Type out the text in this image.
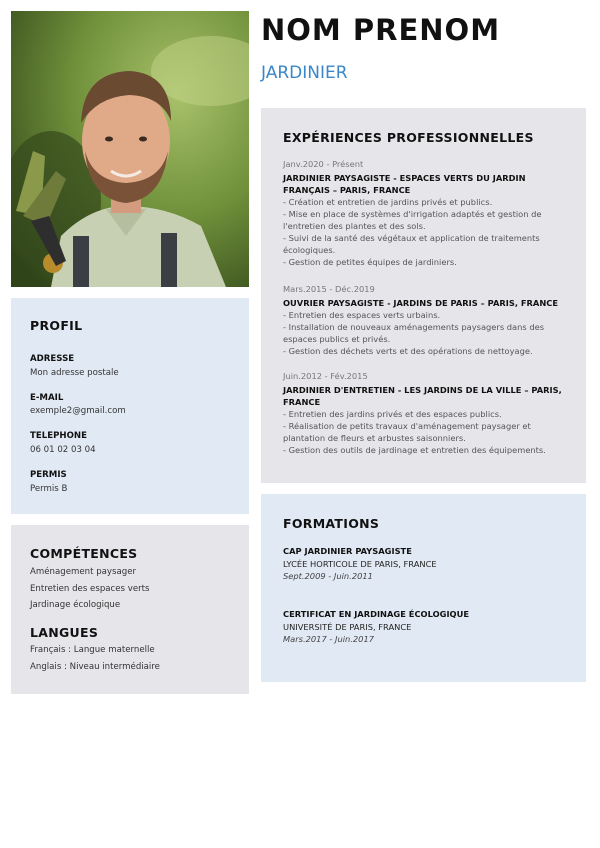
NOM PRENOM
JARDINIER
PROFIL
ADRESSE
Mon adresse postale
E-MAIL
exemple2@gmail.com
TELEPHONE
06 01 02 03 04
PERMIS
Permis B
COMPÉTENCES
Aménagement paysager
Entretien des espaces verts
Jardinage écologique
LANGUES
Français : Langue maternelle
Anglais : Niveau intermédiaire
EXPÉRIENCES PROFESSIONNELLES
Janv.2020 - Présent
JARDINIER PAYSAGISTE - ESPACES VERTS DU JARDIN
FRANÇAIS – PARIS, FRANCE
- Création et entretien de jardins privés et publics.
- Mise en place de systèmes d'irrigation adaptés et gestion de
l'entretien des plantes et des sols.
- Suivi de la santé des végétaux et application de traitements
écologiques.
- Gestion de petites équipes de jardiniers.
Mars.2015 - Déc.2019
OUVRIER PAYSAGISTE - JARDINS DE PARIS – PARIS, FRANCE
- Entretien des espaces verts urbains.
- Installation de nouveaux aménagements paysagers dans des
espaces publics et privés.
- Gestion des déchets verts et des opérations de nettoyage.
Juin.2012 - Fév.2015
JARDINIER D'ENTRETIEN - LES JARDINS DE LA VILLE – PARIS,
FRANCE
- Entretien des jardins privés et des espaces publics.
- Réalisation de petits travaux d'aménagement paysager et
plantation de fleurs et arbustes saisonniers.
- Gestion des outils de jardinage et entretien des équipements.
FORMATIONS
CAP JARDINIER PAYSAGISTE
LYCÉE HORTICOLE DE PARIS, FRANCE
Sept.2009 - Juin.2011
CERTIFICAT EN JARDINAGE ÉCOLOGIQUE
UNIVERSITÉ DE PARIS, FRANCE
Mars.2017 - Juin.2017
